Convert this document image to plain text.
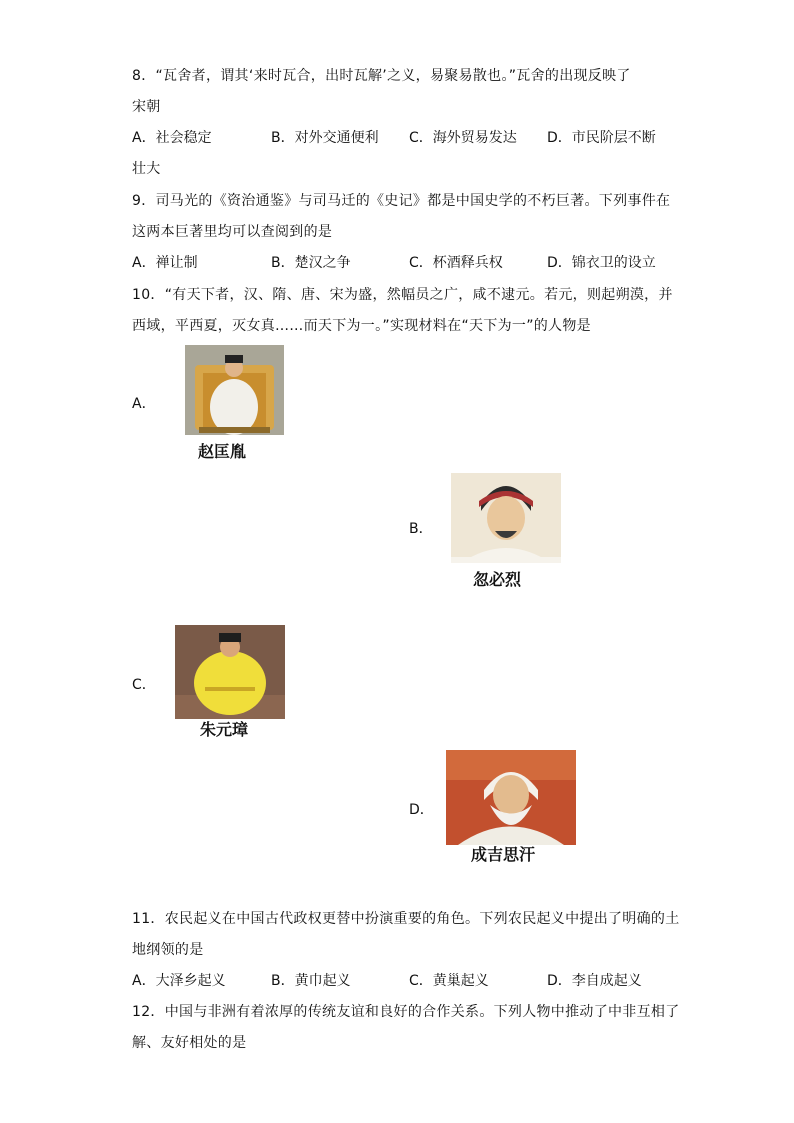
8．“瓦舍者，谓其‘来时瓦合，出时瓦解’之义，易聚易散也。”瓦舍的出现反映了
宋朝
A．社会稳定	B．对外交通便利 C．海外贸易发达 D．市民阶层不断
壮大
9．司马光的《资治通鉴》与司马迁的《史记》都是中国史学的不朽巨著。下列事件在
这两本巨著里均可以查阅到的是
A．禅让制	B．楚汉之争	C．杯酒释兵权	D．锦衣卫的设立
10．“有天下者，汉、隋、唐、宋为盛，然幅员之广，咸不逮元。若元，则起朔漠，并
西域，平西夏，灭女真……而天下为一。”实现材料在“天下为一”的人物是
A．
赵匡胤
B．
忽必烈
C．
朱元璋
D．
成吉思汗
11．农民起义在中国古代政权更替中扮演重要的角色。下列农民起义中提出了明确的土
地纲领的是
A．大泽乡起义	B．黄巾起义	C．黄巢起义	D．李自成起义
12．中国与非洲有着浓厚的传统友谊和良好的合作关系。下列人物中推动了中非互相了
解、友好相处的是
